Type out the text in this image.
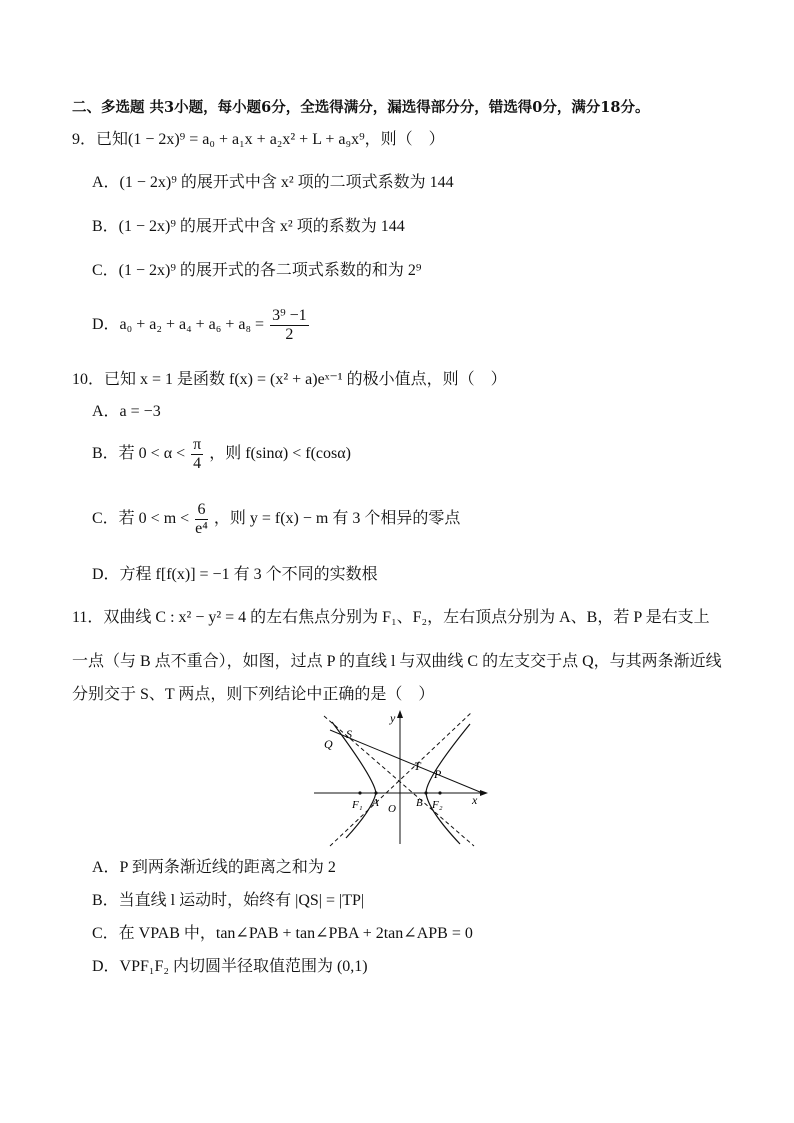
二、多选题 共3小题，每小题6分，全选得满分，漏选得部分分，错选得0分，满分18分。
9．已知(1 − 2x)⁹ = a₀ + a₁x + a₂x² + L + a₉x⁹，则（　）
A．(1 − 2x)⁹ 的展开式中含 x² 项的二项式系数为 144
B．(1 − 2x)⁹ 的展开式中含 x² 项的系数为 144
C．(1 − 2x)⁹ 的展开式的各二项式系数的和为 2⁹
D．$a_0 + a_2 + a_4 + a_6 + a_8 = \frac{\text{3⁹ −1}}{2}$
10．已知 x = 1 是函数 f(x) = (x² + a)eˣ⁻¹ 的极小值点，则（　）
A．a = −3
B．若 $0 < \alpha < \frac{\pi}{4}$ ，则 f(sinα) < f(cosα)
C．若 $0 < m < \frac{6}{\text{e⁴}}$ ，则 y = f(x) − m 有 3 个相异的零点
D．方程 f[f(x)] = −1 有 3 个不同的实数根
11．双曲线 C : x² − y² = 4 的左右焦点分别为 F₁、F₂，左右顶点分别为 A、B，若 P 是右支上
一点（与 B 点不重合），如图，过点 P 的直线 l 与双曲线 C 的左支交于点 Q，与其两条渐近线
分别交于 S、T 两点，则下列结论中正确的是（　）
y
x
Q
S
T
P
F₁ A O B F₂
A．P 到两条渐近线的距离之和为 2
B．当直线 l 运动时，始终有 |QS| = |TP|
C．在 VPAB 中，tan∠PAB + tan∠PBA + 2tan∠APB = 0
D．VPF₁F₂ 内切圆半径取值范围为 (0,1)
